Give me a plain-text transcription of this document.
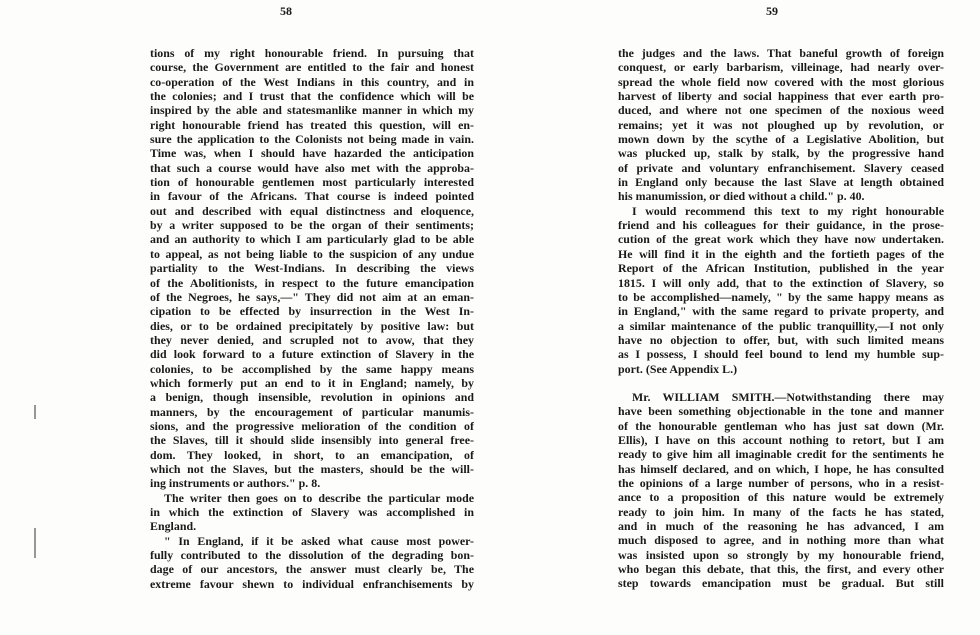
58	59
tions of my right honourable friend. In pursuing that
course, the Government are entitled to the fair and honest
co-operation of the West Indians in this country, and in
the colonies; and I trust that the confidence which will be
inspired by the able and statesmanlike manner in which my
right honourable friend has treated this question, will en-
sure the application to the Colonists not being made in vain.
Time was, when I should have hazarded the anticipation
that such a course would have also met with the approba-
tion of honourable gentlemen most particularly interested
in favour of the Africans. That course is indeed pointed
out and described with equal distinctness and eloquence,
by a writer supposed to be the organ of their sentiments;
and an authority to which I am particularly glad to be able
to appeal, as not being liable to the suspicion of any undue
partiality to the West-Indians. In describing the views
of the Abolitionists, in respect to the future emancipation
of the Negroes, he says,—" They did not aim at an eman-
cipation to be effected by insurrection in the West In-
dies, or to be ordained precipitately by positive law: but
they never denied, and scrupled not to avow, that they
did look forward to a future extinction of Slavery in the
colonies, to be accomplished by the same happy means
which formerly put an end to it in England; namely, by
a benign, though insensible, revolution in opinions and
manners, by the encouragement of particular manumis-
sions, and the progressive melioration of the condition of
the Slaves, till it should slide insensibly into general free-
dom. They looked, in short, to an emancipation, of
which not the Slaves, but the masters, should be the will-
ing instruments or authors." p. 8.
The writer then goes on to describe the particular mode
in which the extinction of Slavery was accomplished in
England.
" In England, if it be asked what cause most power-
fully contributed to the dissolution of the degrading bon-
dage of our ancestors, the answer must clearly be, The
extreme favour shewn to individual enfranchisements by
the judges and the laws. That baneful growth of foreign
conquest, or early barbarism, villeinage, had nearly over-
spread the whole field now covered with the most glorious
harvest of liberty and social happiness that ever earth pro-
duced, and where not one specimen of the noxious weed
remains; yet it was not ploughed up by revolution, or
mown down by the scythe of a Legislative Abolition, but
was plucked up, stalk by stalk, by the progressive hand
of private and voluntary enfranchisement. Slavery ceased
in England only because the last Slave at length obtained
his manumission, or died without a child." p. 40.
I would recommend this text to my right honourable
friend and his colleagues for their guidance, in the prose-
cution of the great work which they have now undertaken.
He will find it in the eighth and the fortieth pages of the
Report of the African Institution, published in the year
1815. I will only add, that to the extinction of Slavery, so
to be accomplished—namely, " by the same happy means as
in England," with the same regard to private property, and
a similar maintenance of the public tranquillity,—I not only
have no objection to offer, but, with such limited means
as I possess, I should feel bound to lend my humble sup-
port. (See Appendix L.)
Mr. WILLIAM SMITH.—Notwithstanding there may
have been something objectionable in the tone and manner
of the honourable gentleman who has just sat down (Mr.
Ellis), I have on this account nothing to retort, but I am
ready to give him all imaginable credit for the sentiments he
has himself declared, and on which, I hope, he has consulted
the opinions of a large number of persons, who in a resist-
ance to a proposition of this nature would be extremely
ready to join him. In many of the facts he has stated,
and in much of the reasoning he has advanced, I am
much disposed to agree, and in nothing more than what
was insisted upon so strongly by my honourable friend,
who began this debate, that this, the first, and every other
step towards emancipation must be gradual. But still
